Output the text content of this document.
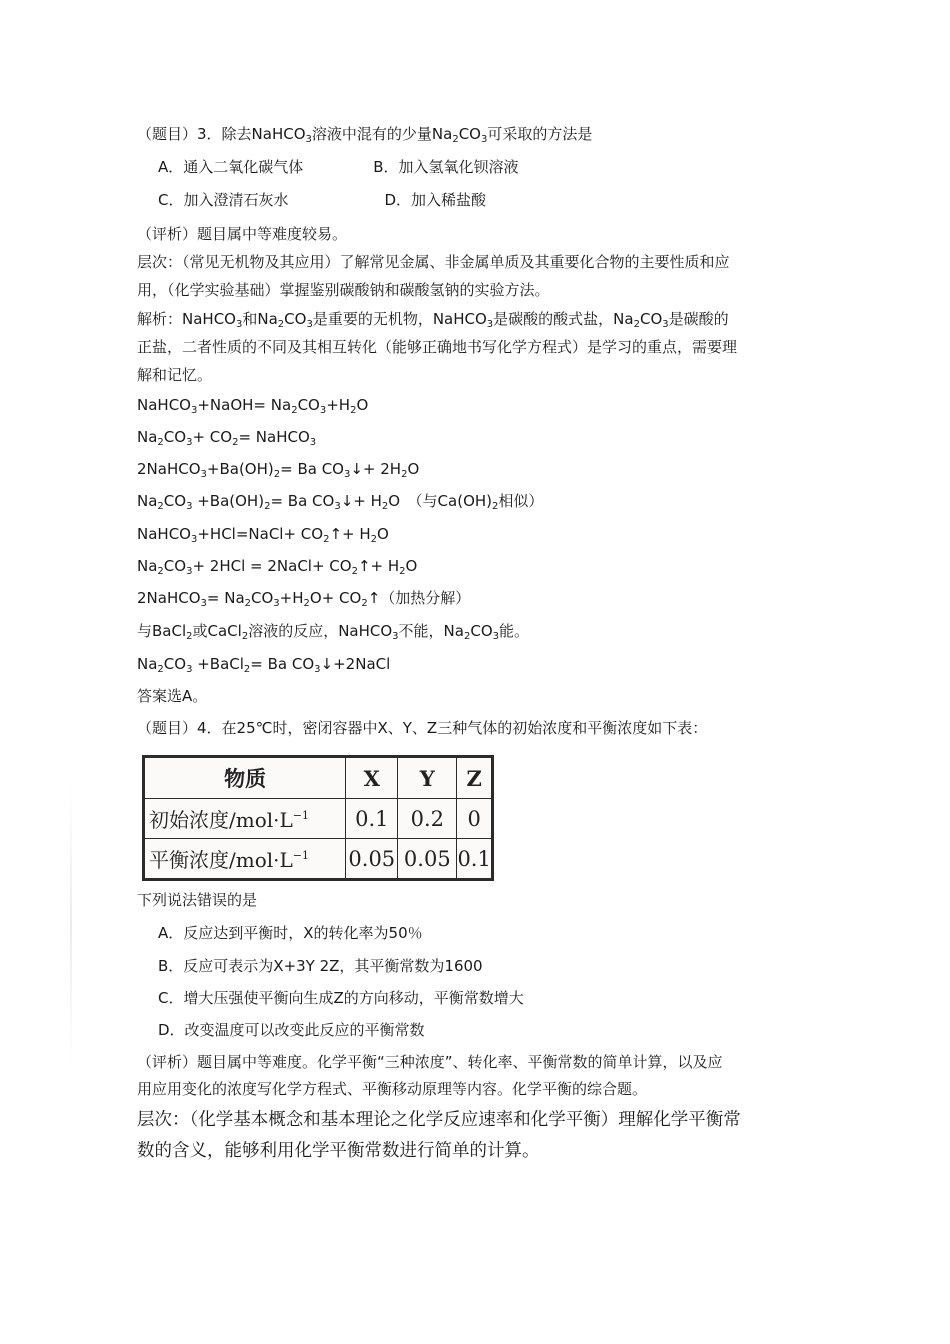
（题目）3．除去NaHCO$_3$溶液中混有的少量$Na_2CO_3$可采取的方法是
A．通入二氧化碳气体	B．加入氢氧化钡溶液
C．加入澄清石灰水	D．加入稀盐酸
（评析）题目属中等难度较易。
层次：（常见无机物及其应用）了解常见金属、非金属单质及其重要化合物的主要性质和应
用，（化学实验基础）掌握鉴别碳酸钠和碳酸氢钠的实验方法。
解析：NaHCO$_3$和$Na_2CO_3$是重要的无机物，NaHCO$_3$是碳酸的酸式盐，$Na_2CO_3$是碳酸的
正盐，二者性质的不同及其相互转化（能够正确地书写化学方程式）是学习的重点，需要理
解和记忆。
NaHCO$_3$+NaOH= $Na_2CO_3+H_2O$
$Na_2CO_3+ CO_2=$ NaHCO$_3$
$2NaHCO_3+Ba(OH)_2= Ba$ $CO_3↓+ 2H_2O$
$Na_2CO_3 +Ba(OH)_2= Ba$ $CO_3↓+ H_2O$　（与$Ca(OH)_2$相似）
NaHCO$_3$+HCl=NaCl+ $CO_2↑+ H_2O$
$Na_2CO_3+ 2HCl$ = 2NaCl+ $CO_2↑+ H_2O$
2NaHCO$_3$= $Na_2CO_3+H_2O+$ $CO_2↑$（加热分解）
与BaCl$_2$或CaCl$_2$溶液的反应，NaHCO$_3$不能，$Na_2CO_3$能。
$Na_2CO_3$ +BaCl$_2$= Ba $CO_3↓+2NaCl$
答案选A。
（题目）4．在25℃时，密闭容器中X、Y、Z三种气体的初始浓度和平衡浓度如下表：
物质	X	Y	Z
初始浓度$/mol\cdot L^{-1}$	0.1	0.2	0
平衡浓度$/mol\cdot L^{-1}$	0.05	0.05	0.1
下列说法错误的是
A．反应达到平衡时，X的转化率为50％
B．反应可表示为X+3Y 2Z，其平衡常数为1600
C．增大压强使平衡向生成Z的方向移动，平衡常数增大
D．改变温度可以改变此反应的平衡常数
（评析）题目属中等难度。化学平衡“三种浓度”、转化率、平衡常数的简单计算，以及应
用应用变化的浓度写化学方程式、平衡移动原理等内容。化学平衡的综合题。
层次：（化学基本概念和基本理论之化学反应速率和化学平衡）理解化学平衡常
数的含义，能够利用化学平衡常数进行简单的计算。
